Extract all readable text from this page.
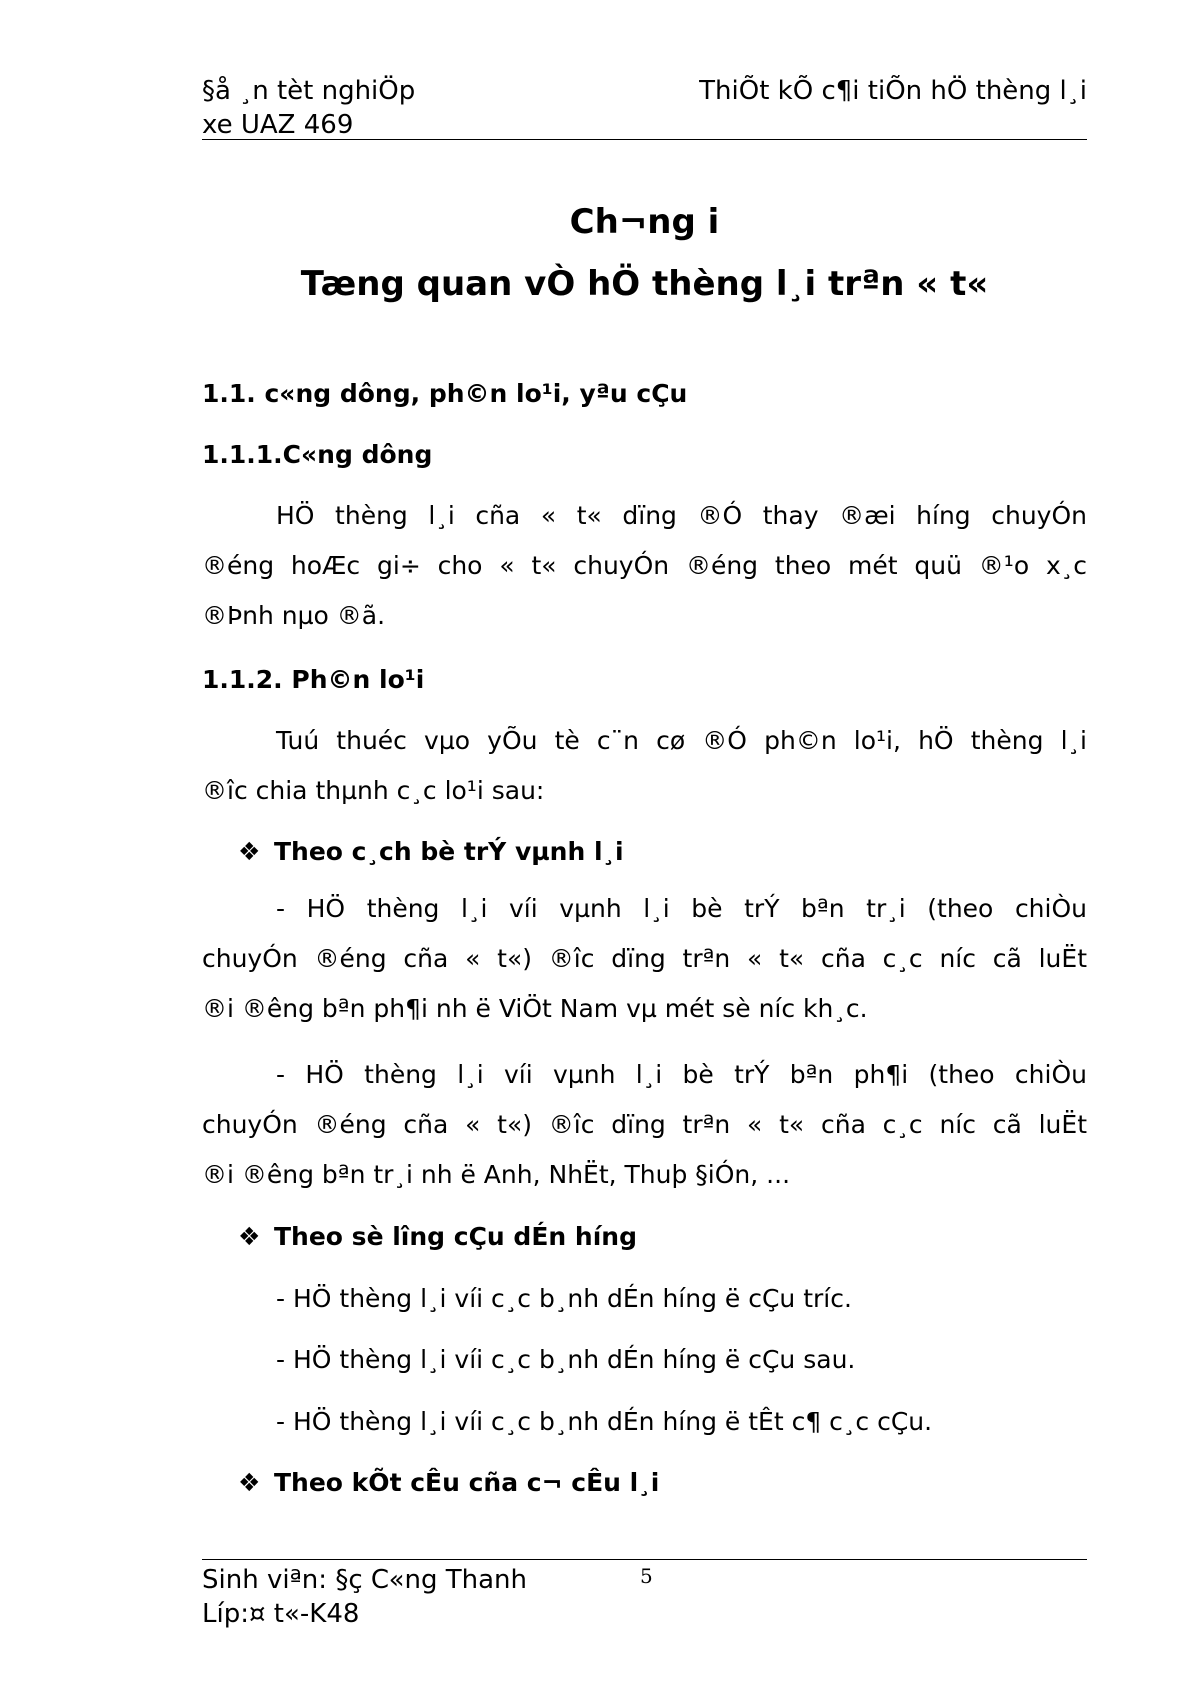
§å ¸n tèt nghiÖp
xe UAZ 469
ThiÕt kÕ c¶i tiÕn hÖ thèng l¸i
Ch¬ng i
Tæng quan vÒ hÖ thèng l¸i trªn « t«
1.1. c«ng dông, ph©n lo¹i, yªu cÇu
1.1.1.C«ng dông
HÖ thèng l¸i cña « t« dïng ®Ó thay ®æi híng chuyÓn
®éng hoÆc gi÷ cho « t« chuyÓn ®éng theo mét quü ®¹o x¸c
®Þnh nµo ®ã.
1.1.2. Ph©n lo¹i
Tuú thuéc vµo yÕu tè c¨n cø ®Ó ph©n lo¹i, hÖ thèng l¸i
®îc chia thµnh c¸c lo¹i sau:
❖ Theo c¸ch bè trÝ vµnh l¸i
- HÖ thèng l¸i víi vµnh l¸i bè trÝ bªn tr¸i (theo chiÒu
chuyÓn ®éng cña « t«) ®îc dïng trªn « t« cña c¸c níc cã luËt
®i ®êng bªn ph¶i nh ë ViÖt Nam vµ mét sè níc kh¸c.
- HÖ thèng l¸i víi vµnh l¸i bè trÝ bªn ph¶i (theo chiÒu
chuyÓn ®éng cña « t«) ®îc dïng trªn « t« cña c¸c níc cã luËt
®i ®êng bªn tr¸i nh ë Anh, NhËt, Thuþ §iÓn, ...
❖ Theo sè lîng cÇu dÉn híng
- HÖ thèng l¸i víi c¸c b¸nh dÉn híng ë cÇu tríc.
- HÖ thèng l¸i víi c¸c b¸nh dÉn híng ë cÇu sau.
- HÖ thèng l¸i víi c¸c b¸nh dÉn híng ë tÊt c¶ c¸c cÇu.
❖ Theo kÕt cÊu cña c¬ cÊu l¸i
Sinh viªn: §ç C«ng Thanh
Líp:¤ t«-K48
5
